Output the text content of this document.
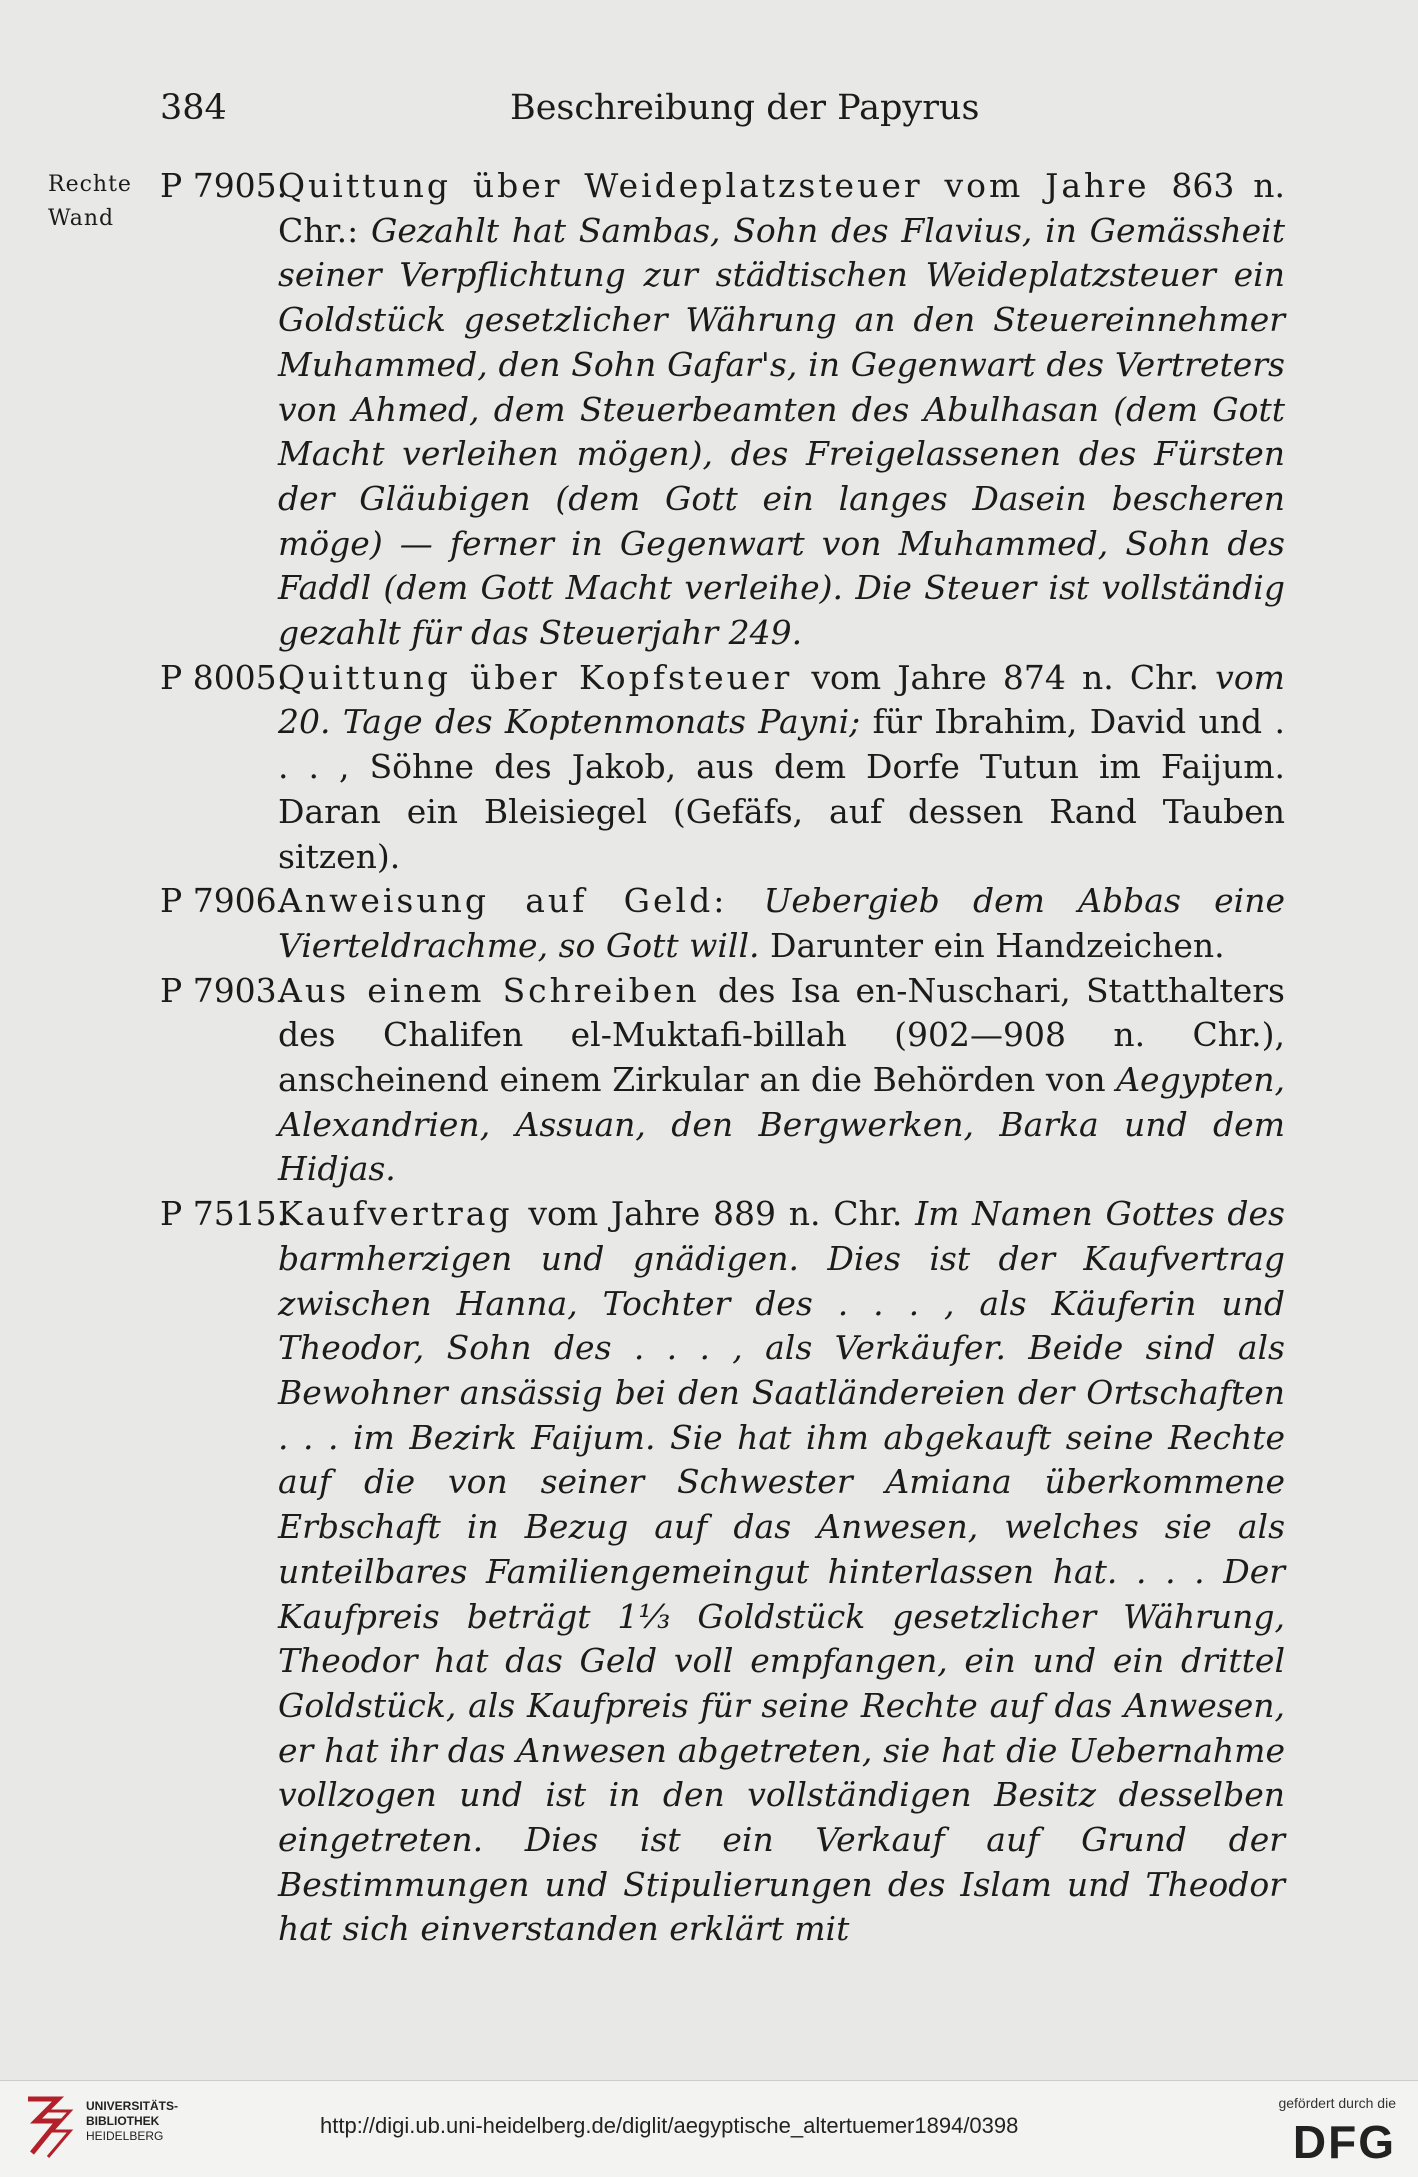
384	Beschreibung der Papyrus
Rechte
Wand
P 7905.
Quittung über Weideplatzsteuer vom Jahre 863 n. Chr.: Gezahlt hat Sambas, Sohn des Flavius, in Gemässheit seiner Verpflichtung zur städtischen Weideplatzsteuer ein Goldstück gesetzlicher Währung an den Steuereinnehmer Muhammed, den Sohn Gafar's, in Gegenwart des Vertreters von Ahmed, dem Steuerbeamten des Abulhasan (dem Gott Macht verleihen mögen), des Freigelassenen des Fürsten der Gläubigen (dem Gott ein langes Dasein bescheren möge) — ferner in Gegenwart von Muhammed, Sohn des Faddl (dem Gott Macht verleihe). Die Steuer ist vollständig gezahlt für das Steuerjahr 249.
P 8005.
Quittung über Kopfsteuer vom Jahre 874 n. Chr. vom 20. Tage des Koptenmonats Payni; für Ibrahim, David und . . . , Söhne des Jakob, aus dem Dorfe Tutun im Faijum. Daran ein Bleisiegel (Gefäfs, auf dessen Rand Tauben sitzen).
P 7906.
Anweisung auf Geld: Uebergieb dem Abbas eine Vierteldrachme, so Gott will. Darunter ein Handzeichen.
P 7903.
Aus einem Schreiben des Isa en-Nuschari, Statthalters des Chalifen el-Muktafi-billah (902—908 n. Chr.), anscheinend einem Zirkular an die Behörden von Aegypten, Alexandrien, Assuan, den Bergwerken, Barka und dem Hidjas.
P 7515.
Kaufvertrag vom Jahre 889 n. Chr. Im Namen Gottes des barmherzigen und gnädigen. Dies ist der Kaufvertrag zwischen Hanna, Tochter des . . . , als Käuferin und Theodor, Sohn des . . . , als Verkäufer. Beide sind als Bewohner ansässig bei den Saatländereien der Ortschaften . . . im Bezirk Faijum. Sie hat ihm abgekauft seine Rechte auf die von seiner Schwester Amiana überkommene Erbschaft in Bezug auf das Anwesen, welches sie als unteilbares Familiengemeingut hinterlassen hat. . . . Der Kaufpreis beträgt 1⅓ Goldstück gesetzlicher Währung, Theodor hat das Geld voll empfangen, ein und ein drittel Goldstück, als Kaufpreis für seine Rechte auf das Anwesen, er hat ihr das Anwesen abgetreten, sie hat die Uebernahme vollzogen und ist in den vollständigen Besitz desselben eingetreten. Dies ist ein Verkauf auf Grund der Bestimmungen und Stipulierungen des Islam und Theodor hat sich einverstanden erklärt mit
UNIVERSITÄTS-
BIBLIOTHEK
HEIDELBERG	http://digi.ub.uni-heidelberg.de/diglit/aegyptische_altertuemer1894/0398
gefördert durch die
DFG
